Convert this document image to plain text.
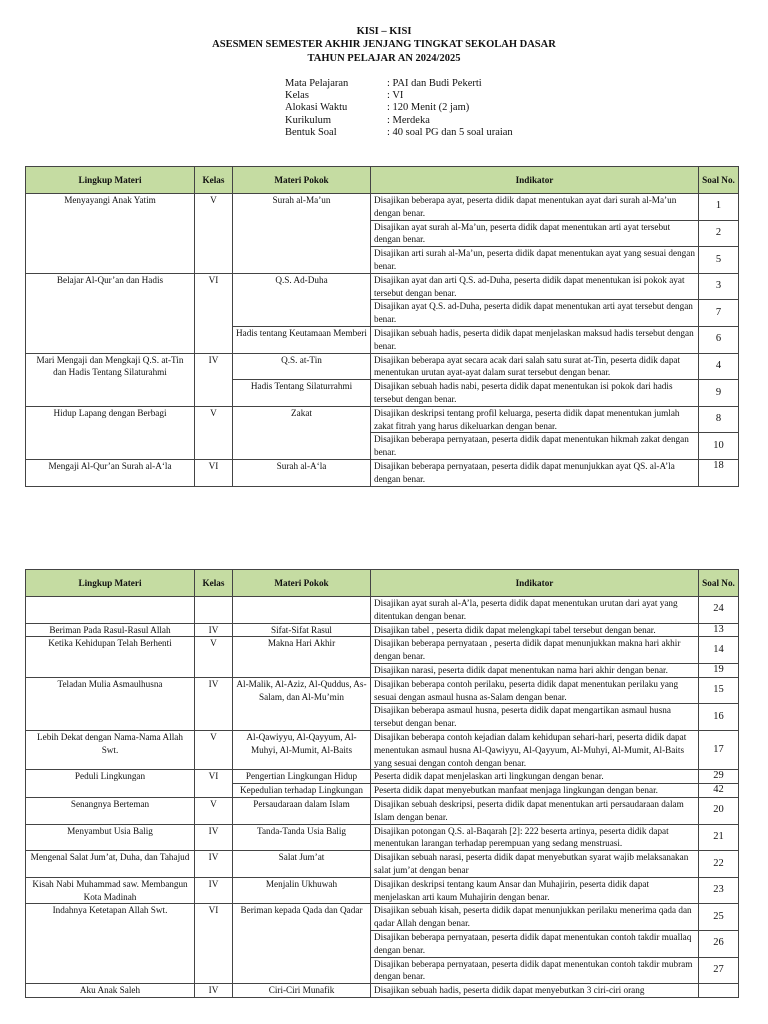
KISI – KISI
ASESMEN SEMESTER AKHIR JENJANG TINGKAT SEKOLAH DASAR
TAHUN PELAJAR AN 2024/2025
Mata Pelajaran	: PAI dan Budi Pekerti
Kelas	: VI
Alokasi Waktu	: 120 Menit (2 jam)
Kurikulum	: Merdeka
Bentuk Soal	: 40 soal PG dan 5 soal uraian
Lingkup Materi	Kelas	Materi Pokok	Indikator	Soal No.
Menyayangi Anak Yatim	V	Surah al-Ma’un	Disajikan beberapa ayat, peserta didik dapat menentukan ayat dari surah al-Ma’un dengan benar.	1
			Disajikan ayat surah al-Ma’un, peserta didik dapat menentukan arti ayat tersebut dengan benar.	2
			Disajikan arti surah al-Ma’un, peserta didik dapat menentukan ayat yang sesuai dengan benar.	5
Belajar Al-Qur’an dan Hadis	VI	Q.S. Ad-Duha	Disajikan ayat dan arti Q.S. ad-Duha, peserta didik dapat menentukan isi pokok ayat tersebut dengan benar.	3
			Disajikan ayat Q.S. ad-Duha, peserta didik dapat menentukan arti ayat tersebut dengan benar.	7
		Hadis tentang Keutamaan Memberi	Disajikan sebuah hadis, peserta didik dapat menjelaskan maksud hadis tersebut dengan benar.	6
Mari Mengaji dan Mengkaji Q.S. at-Tin dan Hadis Tentang Silaturahmi	IV	Q.S. at-Tin	Disajikan beberapa ayat secara acak dari salah satu surat at-Tin, peserta didik dapat menentukan urutan ayat-ayat dalam surat tersebut dengan benar.	4
		Hadis Tentang Silaturrahmi	Disajikan sebuah hadis nabi, peserta didik dapat menentukan isi pokok dari hadis tersebut dengan benar.	9
Hidup Lapang dengan Berbagi	V	Zakat	Disajikan deskripsi tentang profil keluarga, peserta didik dapat menentukan jumlah zakat fitrah yang harus dikeluarkan dengan benar.	8
			Disajikan beberapa pernyataan, peserta didik dapat menentukan hikmah zakat dengan benar.	10
Mengaji Al-Qur’an Surah al-A‘la	VI	Surah al-A‘la	Disajikan beberapa pernyataan, peserta didik dapat menunjukkan ayat QS. al-A’la dengan benar.	18
Lingkup Materi	Kelas	Materi Pokok	Indikator	Soal No.
			Disajikan ayat surah al-A’la, peserta didik dapat menentukan urutan dari ayat yang ditentukan dengan benar.	24
Beriman Pada Rasul-Rasul Allah	IV	Sifat-Sifat Rasul	Disajikan tabel , peserta didik dapat melengkapi tabel tersebut dengan benar.	13
Ketika Kehidupan Telah Berhenti	V	Makna Hari Akhir	Disajikan beberapa pernyataan , peserta didik dapat menunjukkan makna hari akhir dengan benar.	14
			Disajikan narasi, peserta didik dapat menentukan nama hari akhir dengan benar.	19
Teladan Mulia Asmaulhusna	IV	Al-Malik, Al-Aziz, Al-Quddus, As-Salam, dan Al-Mu’min	Disajikan beberapa contoh perilaku, peserta didik dapat menentukan perilaku yang sesuai dengan asmaul husna as-Salam dengan benar.	15
			Disajikan beberapa asmaul husna, peserta didik dapat mengartikan asmaul husna tersebut dengan benar.	16
Lebih Dekat dengan Nama-Nama Allah Swt.	V	Al-Qawiyyu, Al-Qayyum, Al-Muhyi, Al-Mumit, Al-Baits	Disajikan beberapa contoh kejadian dalam kehidupan sehari-hari, peserta didik dapat menentukan asmaul husna Al-Qawiyyu, Al-Qayyum, Al-Muhyi, Al-Mumit, Al-Baits yang sesuai dengan contoh dengan benar.	17
Peduli Lingkungan	VI	Pengertian Lingkungan Hidup	Peserta didik dapat menjelaskan arti lingkungan dengan benar.	29
		Kepedulian terhadap Lingkungan	Peserta didik dapat menyebutkan manfaat menjaga lingkungan dengan benar.	42
Senangnya Berteman	V	Persaudaraan dalam Islam	Disajikan sebuah deskripsi, peserta didik dapat menentukan arti persaudaraan dalam Islam dengan benar.	20
Menyambut Usia Balig	IV	Tanda-Tanda Usia Balig	Disajikan potongan Q.S. al-Baqarah [2]: 222 beserta artinya, peserta didik dapat menentukan larangan terhadap perempuan yang sedang menstruasi.	21
Mengenal Salat Jum’at, Duha, dan Tahajud	IV	Salat Jum’at	Disajikan sebuah narasi, peserta didik dapat menyebutkan syarat wajib melaksanakan salat jum’at dengan benar	22
Kisah Nabi Muhammad saw. Membangun Kota Madinah	IV	Menjalin Ukhuwah	Disajikan deskripsi tentang kaum Ansar dan Muhajirin, peserta didik dapat menjelaskan arti kaum Muhajirin dengan benar.	23
Indahnya Ketetapan Allah Swt.	VI	Beriman kepada Qada dan Qadar	Disajikan sebuah kisah, peserta didik dapat menunjukkan perilaku menerima qada dan qadar Allah dengan benar.	25
			Disajikan beberapa pernyataan, peserta didik dapat menentukan contoh takdir muallaq dengan benar.	26
			Disajikan beberapa pernyataan, peserta didik dapat menentukan contoh takdir mubram dengan benar.	27
Aku Anak Saleh	IV	Ciri-Ciri Munafik	Disajikan sebuah hadis, peserta didik dapat menyebutkan 3 ciri-ciri orang	
